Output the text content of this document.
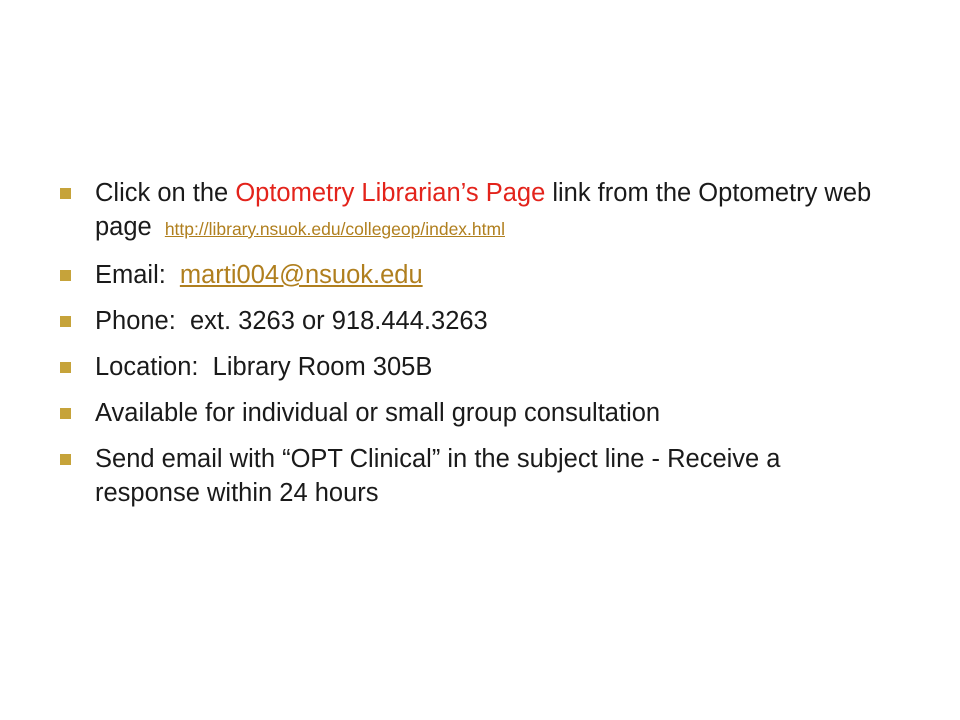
Click on the Optometry Librarian’s Page link from the Optometry web page http://library.nsuok.edu/collegeop/index.html
Email: marti004@nsuok.edu
Phone:  ext. 3263 or 918.444.3263
Location:  Library Room 305B
Available for individual or small group consultation
Send email with “OPT Clinical” in the subject line - Receive a response within 24 hours
